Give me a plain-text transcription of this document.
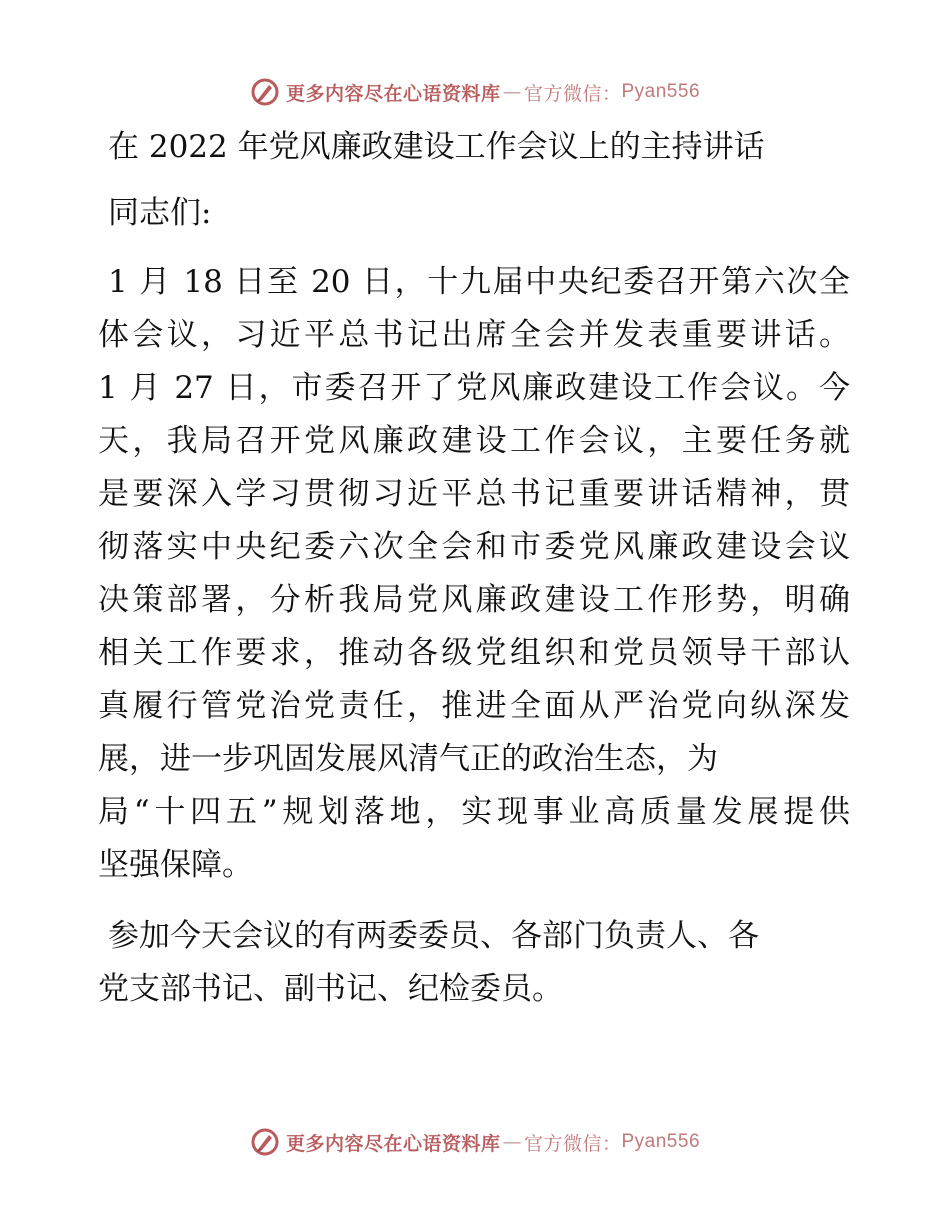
更多内容尽在心语资料库 — 官方微信： Pyan556
在 2022 年党风廉政建设工作会议上的主持讲话
同志们:
1 月 18 日至 20 日，十九届中央纪委召开第六次全
体会议，习近平总书记出席全会并发表重要讲话。
1 月 27 日，市委召开了党风廉政建设工作会议。今
天，我局召开党风廉政建设工作会议，主要任务就
是要深入学习贯彻习近平总书记重要讲话精神，贯
彻落实中央纪委六次全会和市委党风廉政建设会议
决策部署，分析我局党风廉政建设工作形势，明确
相关工作要求，推动各级党组织和党员领导干部认
真履行管党治党责任，推进全面从严治党向纵深发
展，进一步巩固发展风清气正的政治生态，为
局“十四五”规划落地，实现事业高质量发展提供
坚强保障。
参加今天会议的有两委委员、各部门负责人、各
党支部书记、副书记、纪检委员。
更多内容尽在心语资料库 — 官方微信： Pyan556
